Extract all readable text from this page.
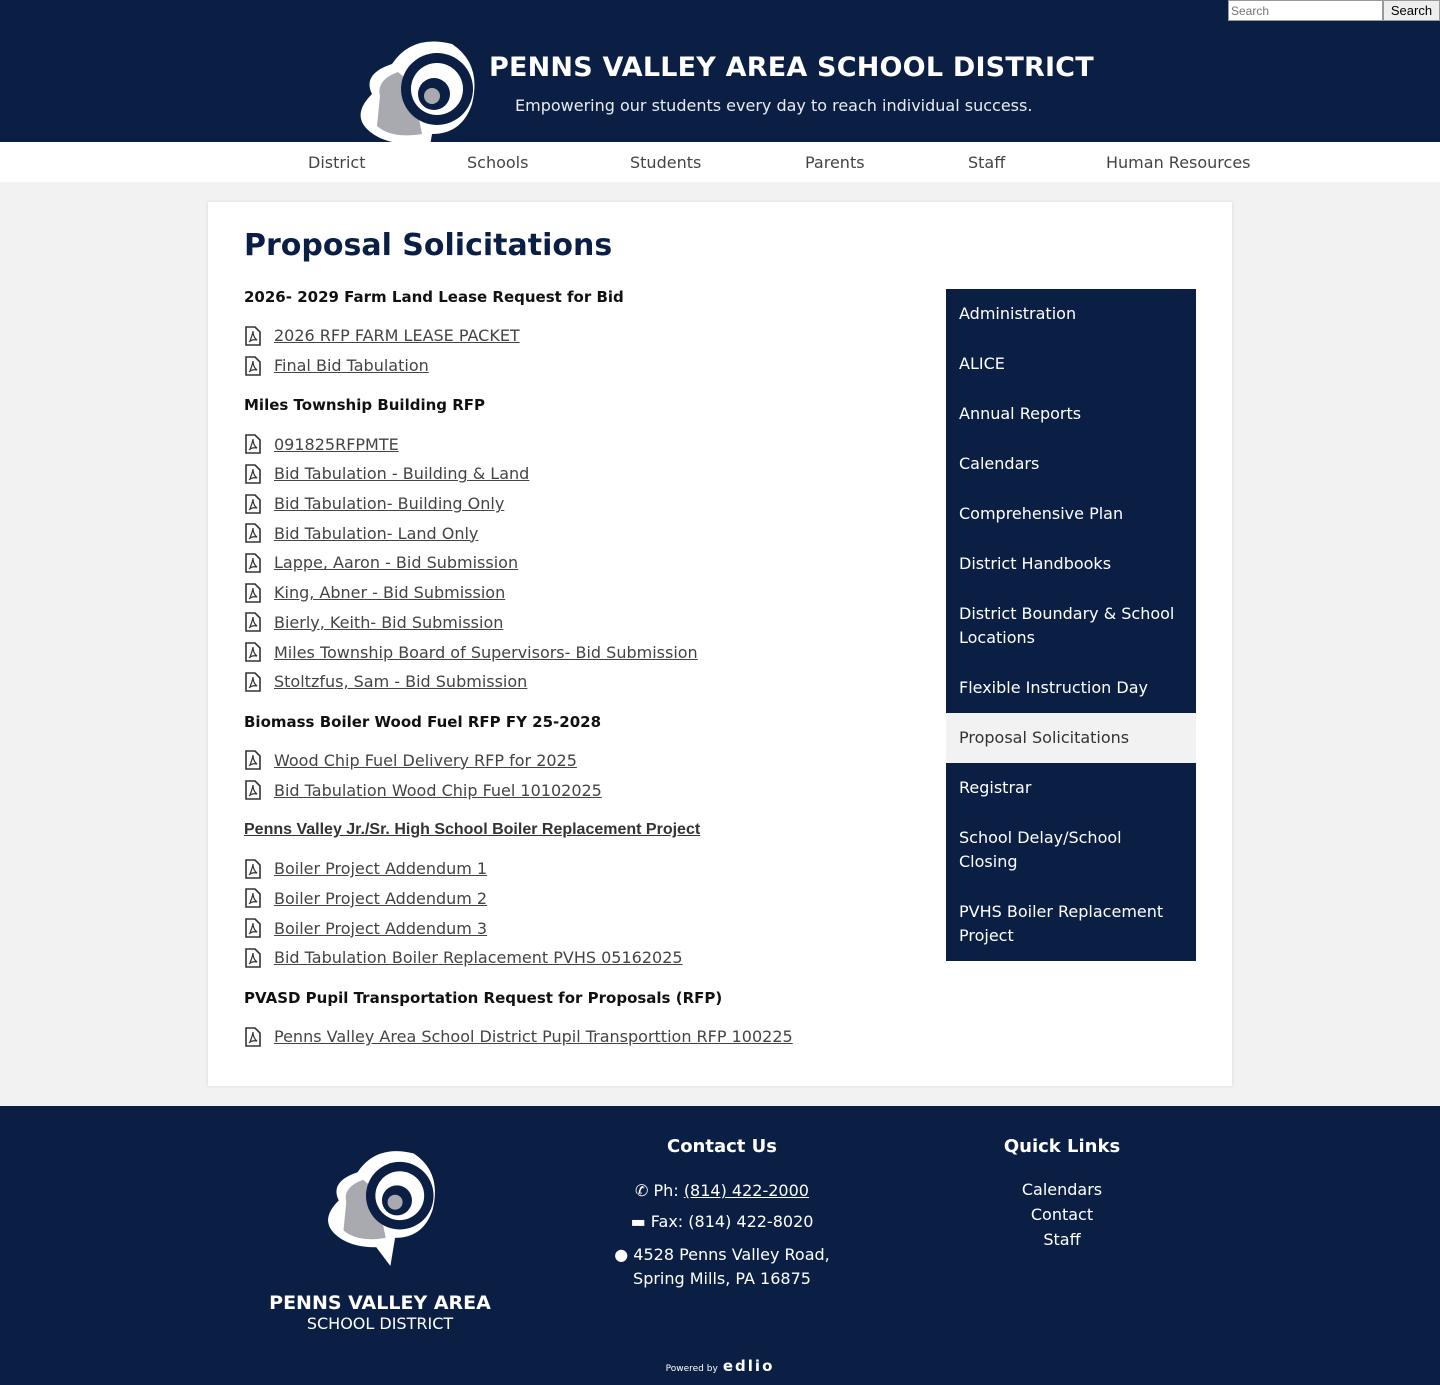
Search
Search
PENNS VALLEY AREA SCHOOL DISTRICT
Empowering our students every day to reach individual success.
District	Schools	Students	Parents	Staff	Human Resources
Proposal Solicitations
2026- 2029 Farm Land Lease Request for Bid
2026 RFP FARM LEASE PACKET
Final Bid Tabulation
Miles Township Building RFP
091825RFPMTE
Bid Tabulation - Building & Land
Bid Tabulation- Building Only
Bid Tabulation- Land Only
Lappe, Aaron - Bid Submission
King, Abner - Bid Submission
Bierly, Keith- Bid Submission
Miles Township Board of Supervisors- Bid Submission
Stoltzfus, Sam - Bid Submission
Biomass Boiler Wood Fuel RFP FY 25-2028
Wood Chip Fuel Delivery RFP for 2025
Bid Tabulation Wood Chip Fuel 10102025
Penns Valley Jr./Sr. High School Boiler Replacement Project
Boiler Project Addendum 1
Boiler Project Addendum 2
Boiler Project Addendum 3
Bid Tabulation Boiler Replacement PVHS 05162025
PVASD Pupil Transportation Request for Proposals (RFP)
Penns Valley Area School District Pupil Transporttion RFP 100225
Administration
ALICE
Annual Reports
Calendars
Comprehensive Plan
District Handbooks
District Boundary & School Locations
Flexible Instruction Day
Proposal Solicitations
Registrar
School Delay/School Closing
PVHS Boiler Replacement Project
PENNS VALLEY AREA
SCHOOL DISTRICT
Contact Us
✆ Ph: (814) 422-2000
▬ Fax: (814) 422-8020
● 4528 Penns Valley Road,
Spring Mills, PA 16875
Quick Links
Calendars
Contact
Staff
Powered by edlio
